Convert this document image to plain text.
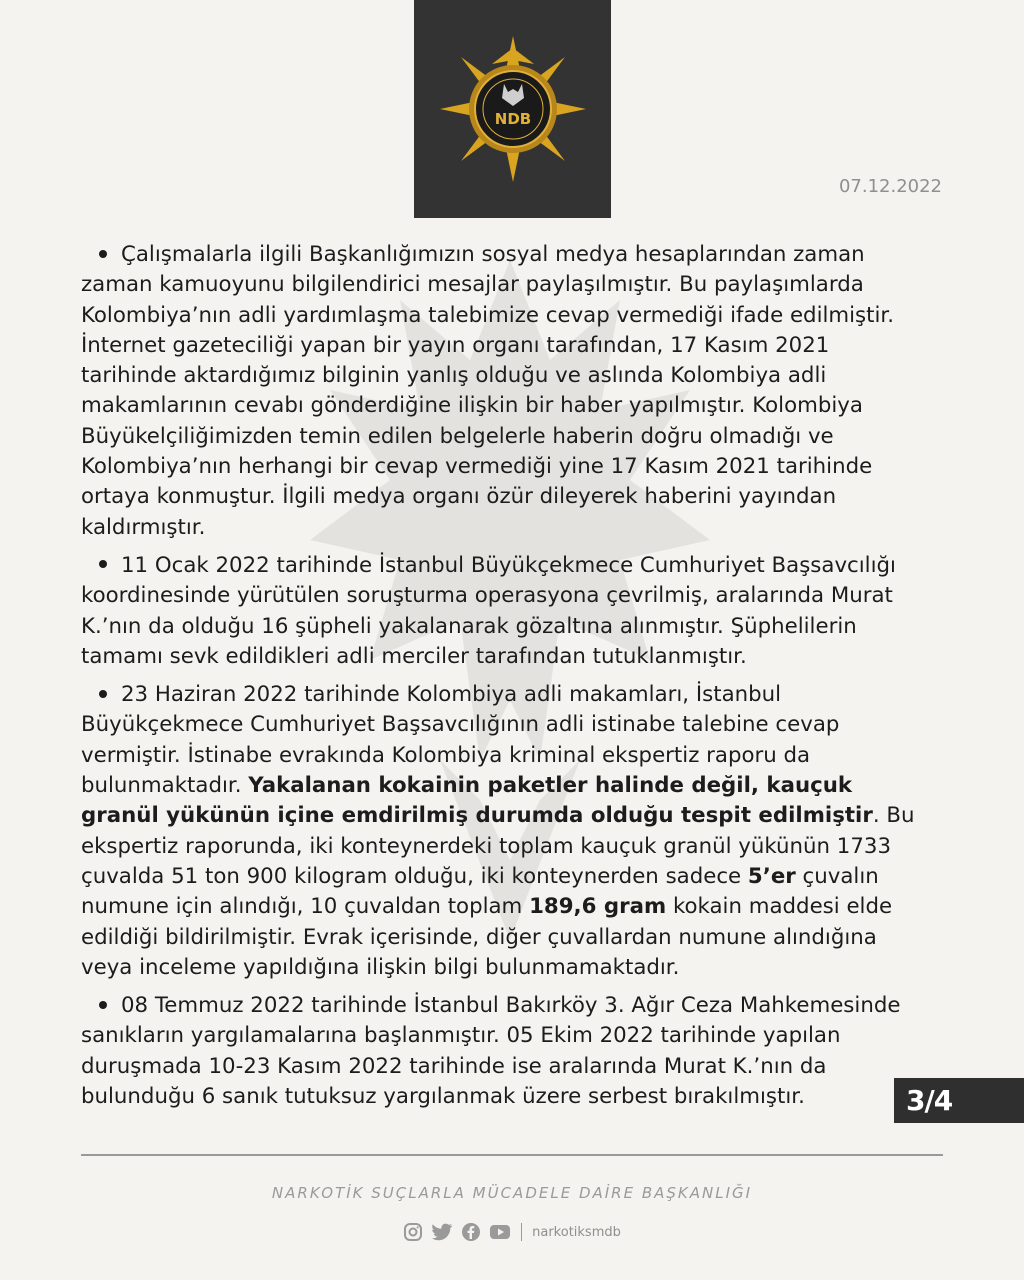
NDB
07.12.2022

Çalışmalarla ilgili Başkanlığımızın sosyal medya hesaplarından zaman zaman kamuoyunu bilgilendirici mesajlar paylaşılmıştır. Bu paylaşımlarda Kolombiya’nın adli yardımlaşma talebimize cevap vermediği ifade edilmiştir. İnternet gazeteciliği yapan bir yayın organı tarafından, 17 Kasım 2021 tarihinde aktardığımız bilginin yanlış olduğu ve aslında Kolombiya adli makamlarının cevabı gönderdiğine ilişkin bir haber yapılmıştır. Kolombiya Büyükelçiliğimizden temin edilen belgelerle haberin doğru olmadığı ve Kolombiya’nın herhangi bir cevap vermediği yine 17 Kasım 2021 tarihinde ortaya konmuştur. İlgili medya organı özür dileyerek haberini yayından kaldırmıştır.

11 Ocak 2022 tarihinde İstanbul Büyükçekmece Cumhuriyet Başsavcılığı koordinesinde yürütülen soruşturma operasyona çevrilmiş, aralarında Murat K.’nın da olduğu 16 şüpheli yakalanarak gözaltına alınmıştır. Şüphelilerin tamamı sevk edildikleri adli merciler tarafından tutuklanmıştır.

23 Haziran 2022 tarihinde Kolombiya adli makamları, İstanbul Büyükçekmece Cumhuriyet Başsavcılığının adli istinabe talebine cevap vermiştir. İstinabe evrakında Kolombiya kriminal ekspertiz raporu da bulunmaktadır. Yakalanan kokainin paketler halinde değil, kauçuk granül yükünün içine emdirilmiş durumda olduğu tespit edilmiştir. Bu ekspertiz raporunda, iki konteynerdeki toplam kauçuk granül yükünün 1733 çuvalda 51 ton 900 kilogram olduğu, iki konteynerden sadece 5’er çuvalın numune için alındığı, 10 çuvaldan toplam 189,6 gram kokain maddesi elde edildiği bildirilmiştir. Evrak içerisinde, diğer çuvallardan numune alındığına veya inceleme yapıldığına ilişkin bilgi bulunmamaktadır.

08 Temmuz 2022 tarihinde İstanbul Bakırköy 3. Ağır Ceza Mahkemesinde sanıkların yargılamalarına başlanmıştır. 05 Ekim 2022 tarihinde yapılan duruşmada 10-23 Kasım 2022 tarihinde ise aralarında Murat K.’nın da bulunduğu 6 sanık tutuksuz yargılanmak üzere serbest bırakılmıştır.	3/4
NARKOTİK SUÇLARLA MÜCADELE DAİRE BAŞKANLIĞI
narkotiksmdb
